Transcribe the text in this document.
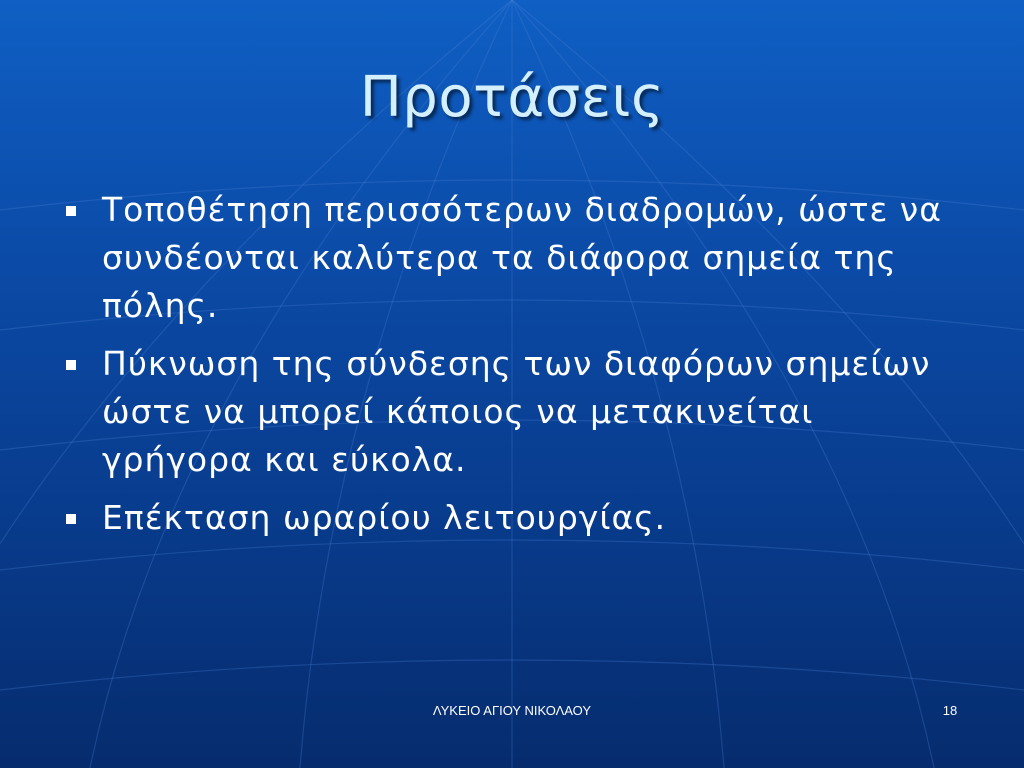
Προτάσεις
Τοποθέτηση περισσότερων διαδρομών, ώστε να συνδέονται καλύτερα τα διάφορα σημεία της πόλης.
Πύκνωση της σύνδεσης των διαφόρων σημείων ώστε να μπορεί κάποιος να μετακινείται γρήγορα και εύκολα.
Επέκταση ωραρίου λειτουργίας.
ΛΥΚΕΙΟ ΑΓΙΟΥ ΝΙΚΟΛΑΟΥ	18
